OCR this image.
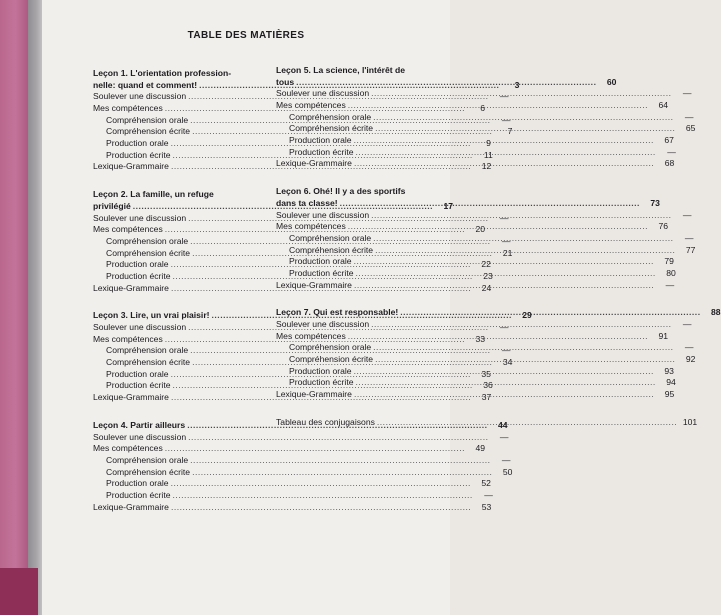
TABLE DES MATIÈRES
Leçon 1. L'orientation profession-
nelle: quand et comment! .....	3
Soulever une discussion .....	—
Mes compétences .....	6
Compréhension orale .....	—
Compréhension écrite .....	7
Production orale .....	9
Production écrite .....	11
Lexique-Grammaire .....	12
Leçon 2. La famille, un refuge
privilégié .....	17
Soulever une discussion .....	—
Mes compétences .....	20
Compréhension orale .....	—
Compréhension écrite .....	21
Production orale .....	22
Production écrite .....	23
Lexique-Grammaire .....	24
Leçon 3. Lire, un vrai plaisir! .....	29
Soulever une discussion .....	—
Mes compétences .....	33
Compréhension orale .....	—
Compréhension écrite .....	34
Production orale .....	35
Production écrite .....	36
Lexique-Grammaire .....	37
Leçon 4. Partir ailleurs .....	44
Soulever une discussion .....	—
Mes compétences .....	49
Compréhension orale .....	—
Compréhension écrite .....	50
Production orale .....	52
Production écrite .....	—
Lexique-Grammaire .....	53
Leçon 5. La science, l'intérêt de
tous .....	60
Soulever une discussion .....	—
Mes compétences .....	64
Compréhension orale .....	—
Compréhension écrite .....	65
Production orale .....	67
Production écrite .....	—
Lexique-Grammaire .....	68
Leçon 6. Ohé! Il y a des sportifs
dans ta classe! .....	73
Soulever une discussion .....	—
Mes compétences .....	76
Compréhension orale .....	—
Compréhension écrite .....	77
Production orale .....	79
Production écrite .....	80
Lexique-Grammaire .....	—
Leçon 7. Qui est responsable! .....	88
Soulever une discussion .....	—
Mes compétences .....	91
Compréhension orale .....	—
Compréhension écrite .....	92
Production orale .....	93
Production écrite .....	94
Lexique-Grammaire .....	95
Tableau des conjugaisons .....	101
